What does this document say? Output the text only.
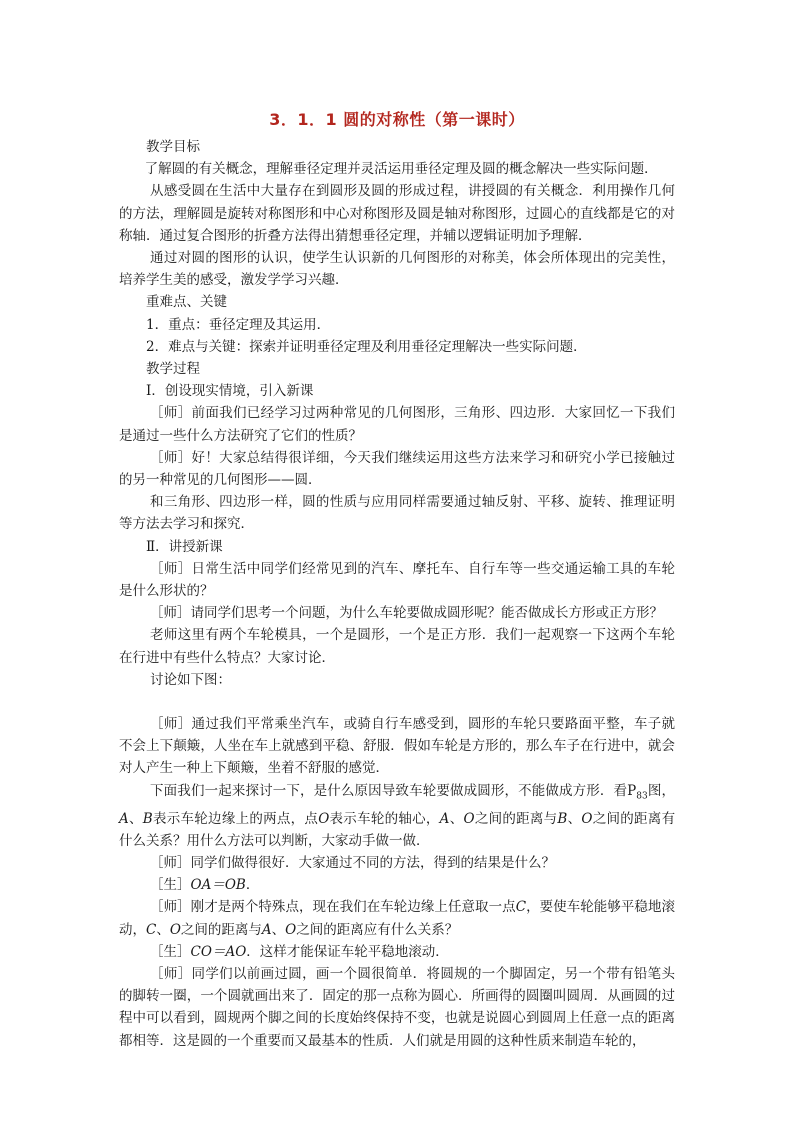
3．1．1 圆的对称性（第一课时）

教学目标

了解圆的有关概念，理解垂径定理并灵活运用垂径定理及圆的概念解决一些实际问题．

从感受圆在生活中大量存在到圆形及圆的形成过程，讲授圆的有关概念．利用操作几何的方法，理解圆是旋转对称图形和中心对称图形及圆是轴对称图形，过圆心的直线都是它的对称轴．通过复合图形的折叠方法得出猜想垂径定理，并辅以逻辑证明加予理解．

通过对圆的图形的认识，使学生认识新的几何图形的对称美，体会所体现出的完美性，培养学生美的感受，激发学学习兴趣．

重难点、关键

1．重点：垂径定理及其运用．

2．难点与关键：探索并证明垂径定理及利用垂径定理解决一些实际问题．

教学过程

Ⅰ．创设现实情境，引入新课

［师］前面我们已经学习过两种常见的几何图形，三角形、四边形．大家回忆一下我们是通过一些什么方法研究了它们的性质？

［师］好！大家总结得很详细，今天我们继续运用这些方法来学习和研究小学已接触过的另一种常见的几何图形——圆．

和三角形、四边形一样，圆的性质与应用同样需要通过轴反射、平移、旋转、推理证明等方法去学习和探究．

Ⅱ．讲授新课

［师］日常生活中同学们经常见到的汽车、摩托车、自行车等一些交通运输工具的车轮是什么形状的？

［师］请同学们思考一个问题，为什么车轮要做成圆形呢？能否做成长方形或正方形？

老师这里有两个车轮模具，一个是圆形，一个是正方形．我们一起观察一下这两个车轮在行进中有些什么特点？大家讨论．

讨论如下图：

［师］通过我们平常乘坐汽车，或骑自行车感受到，圆形的车轮只要路面平整，车子就不会上下颠簸，人坐在车上就感到平稳、舒服．假如车轮是方形的，那么车子在行进中，就会对人产生一种上下颠簸，坐着不舒服的感觉．

下面我们一起来探讨一下，是什么原因导致车轮要做成圆形，不能做成方形．看$P_{83}$图，A、B表示车轮边缘上的两点，点O表示车轮的轴心，A、O之间的距离与B、O之间的距离有什么关系？用什么方法可以判断，大家动手做一做．

［师］同学们做得很好．大家通过不同的方法，得到的结果是什么？

［生］OA＝OB．

［师］刚才是两个特殊点，现在我们在车轮边缘上任意取一点C，要使车轮能够平稳地滚动，C、O之间的距离与A、O之间的距离应有什么关系？

［生］CO＝AO．这样才能保证车轮平稳地滚动．

［师］同学们以前画过圆，画一个圆很简单．将圆规的一个脚固定，另一个带有铅笔头的脚转一圈，一个圆就画出来了．固定的那一点称为圆心．所画得的圆圈叫圆周．从画圆的过程中可以看到，圆规两个脚之间的长度始终保持不变，也就是说圆心到圆周上任意一点的距离都相等．这是圆的一个重要而又最基本的性质．人们就是用圆的这种性质来制造车轮的，
